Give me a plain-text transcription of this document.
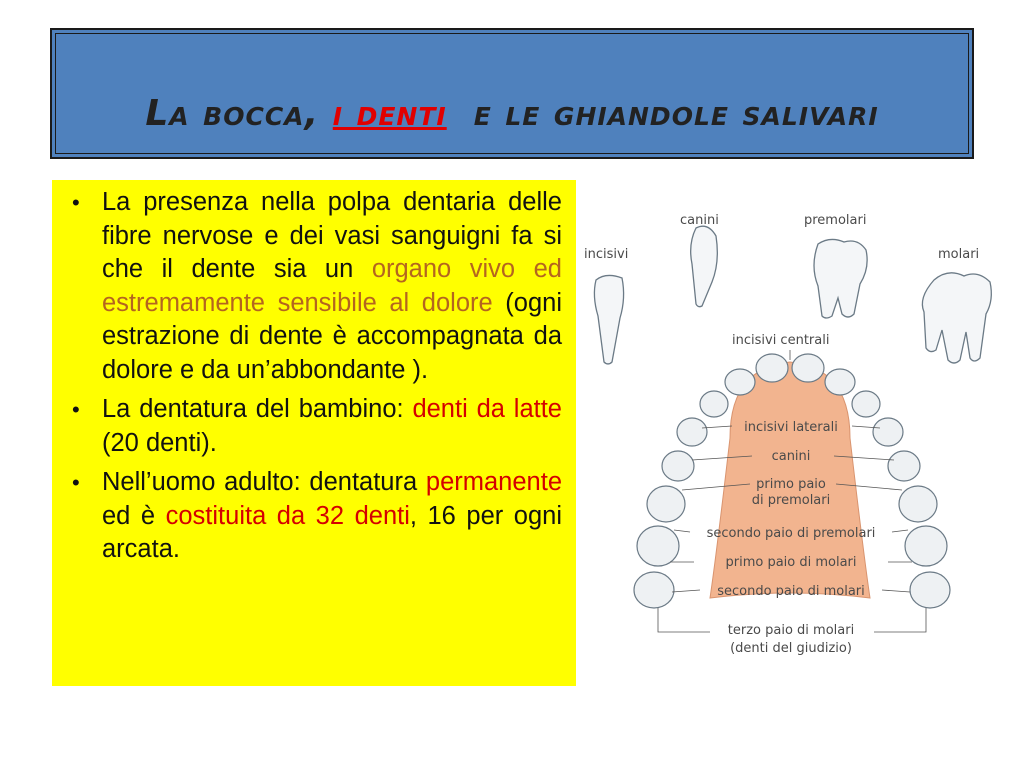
La bocca, i denti  e le ghiandole salivari
• La presenza nella polpa dentaria delle fibre nervose e dei vasi sanguigni fa si che il dente sia un organo vivo ed estremamente sensibile al dolore (ogni estrazione di dente è accompagnata da dolore e da un’abbondante ).
• La dentatura del bambino: denti da latte (20 denti).
• Nell’uomo adulto: dentatura permanente ed è costituita da 32 denti, 16 per ogni arcata.
incisivi
canini	premolari
molari
incisivi centrali
incisivi laterali
canini
primo paio
di premolari
secondo paio di premolari
primo paio di molari
secondo paio di molari
terzo paio di molari
(denti del giudizio)
